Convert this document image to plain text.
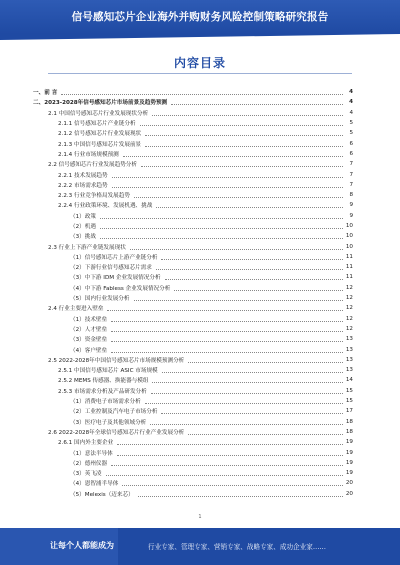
信号感知芯片企业海外并购财务风险控制策略研究报告
内容目录
一、前 言	4
二、2023-2028年信号感知芯片市场前景及趋势预测	4
2.1 中国信号感知芯片行业发展现状分析	4
2.1.1 信号感知芯片产业链分析	5
2.1.2 信号感知芯片行业发展现状	5
2.1.3 中国信号感知芯片发展前景	6
2.1.4 行业市场规模预测	6
2.2 信号感知芯片行业发展趋势分析	7
2.2.1 技术发展趋势	7
2.2.2 市场需求趋势	7
2.2.3 行业竞争格局发展趋势	8
2.2.4 行业政策环境、发展机遇、挑战	9
（1）政策	9
（2）机遇	10
（3）挑战	10
2.3 行业上下游产业链发展现状	10
（1）信号感知芯片上游产业链分析	11
（2）下游行业信号感知芯片需求	11
（3）中下游 IDM 企业发展情况分析	11
（4）中下游 Fabless 企业发展情况分析	12
（5）国内行业发展分析	12
2.4 行业主要进入壁垒	12
（1）技术壁垒	12
（2）人才壁垒	12
（3）资金壁垒	13
（4）客户壁垒	13
2.5 2022-2028年中国信号感知芯片市场规模预测分析	13
2.5.1 中国信号感知芯片 ASIC 市场规模	13
2.5.2 MEMS 传感器、换能器与模组	14
2.5.3 市场需求分析及产品研发分析	15
（1）消费电子市场需求分析	15
（2）工业控制及汽车电子市场分析	17
（3）医疗电子及其他领域分析	18
2.6 2022-2028年全球信号感知芯片行业产业发展分析	18
2.6.1 国内外主要企业	19
（1）意法半导体	19
（2）德州仪器	19
（3）英飞凌	19
（4）恩智浦半导体	20
（5）Melexis（迈来芯）	20
1
让每个人都能成为	行业专家、管理专家、营销专家、战略专家、成功企业家……
